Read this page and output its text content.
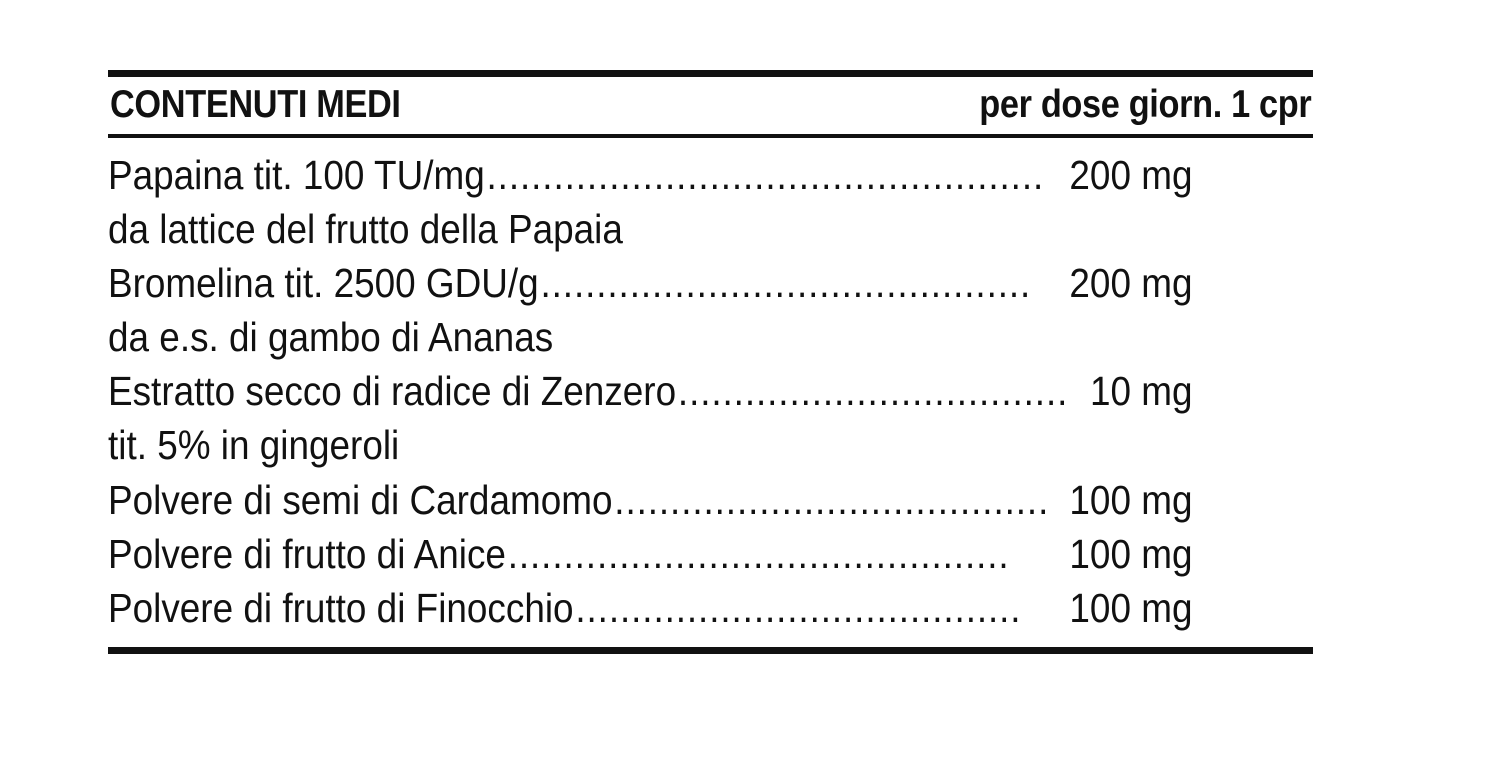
CONTENUTI MEDI	per dose giorn. 1 cpr
Papaina tit. 100 TU/mg .................................................. 200 mg
da lattice del frutto della Papaia
Bromelina tit. 2500 GDU/g ............................................ 200 mg
da e.s. di gambo di Ananas
Estratto secco di radice di Zenzero ................................... 10 mg
tit. 5% in gingeroli
Polvere di semi di Cardamomo ....................................... 100 mg
Polvere di frutto di Anice .............................................	100 mg
Polvere di frutto di Finocchio ........................................	100 mg
